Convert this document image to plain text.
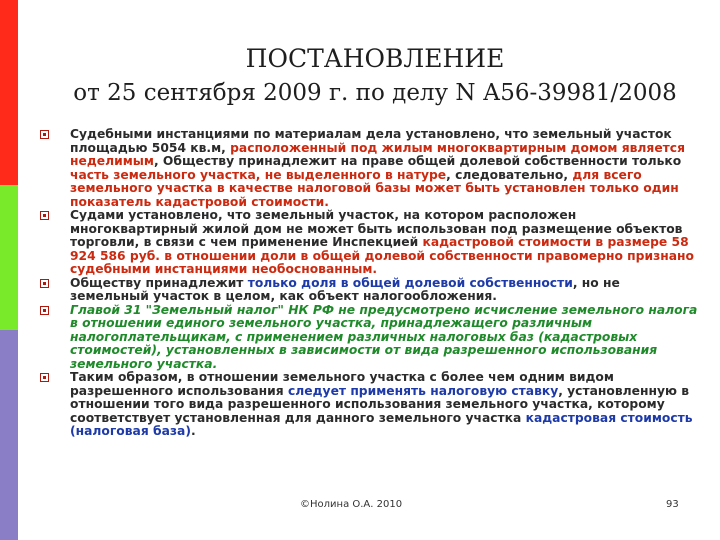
ПОСТАНОВЛЕНИЕ
от 25 сентября 2009 г. по делу N А56-39981/2008
Судебными инстанциями по материалам дела установлено, что земельный участок площадью 5054 кв.м, расположенный под жилым многоквартирным домом является неделимым, Обществу принадлежит на праве общей долевой собственности только часть земельного участка, не выделенного в натуре, следовательно, для всего земельного участка в качестве налоговой базы может быть установлен только один показатель кадастровой стоимости.
Судами установлено, что земельный участок, на котором расположен многоквартирный жилой дом не может быть использован под размещение объектов торговли, в связи с чем применение Инспекцией кадастровой стоимости в размере 58 924 586 руб. в отношении доли в общей долевой собственности правомерно признано судебными инстанциями необоснованным.
Обществу принадлежит только доля в общей долевой собственности, но не земельный участок в целом, как объект налогообложения.
Главой 31 "Земельный налог" НК РФ не предусмотрено исчисление земельного налога в отношении единого земельного участка, принадлежащего различным налогоплательщикам, с применением различных налоговых баз (кадастровых стоимостей), установленных в зависимости от вида разрешенного использования земельного участка.
Таким образом, в отношении земельного участка с более чем одним видом разрешенного использования следует применять налоговую ставку, установленную в отношении того вида разрешенного использования земельного участка, которому соответствует установленная для данного земельного участка кадастровая стоимость (налоговая база).
©Нолина О.А. 2010	93
